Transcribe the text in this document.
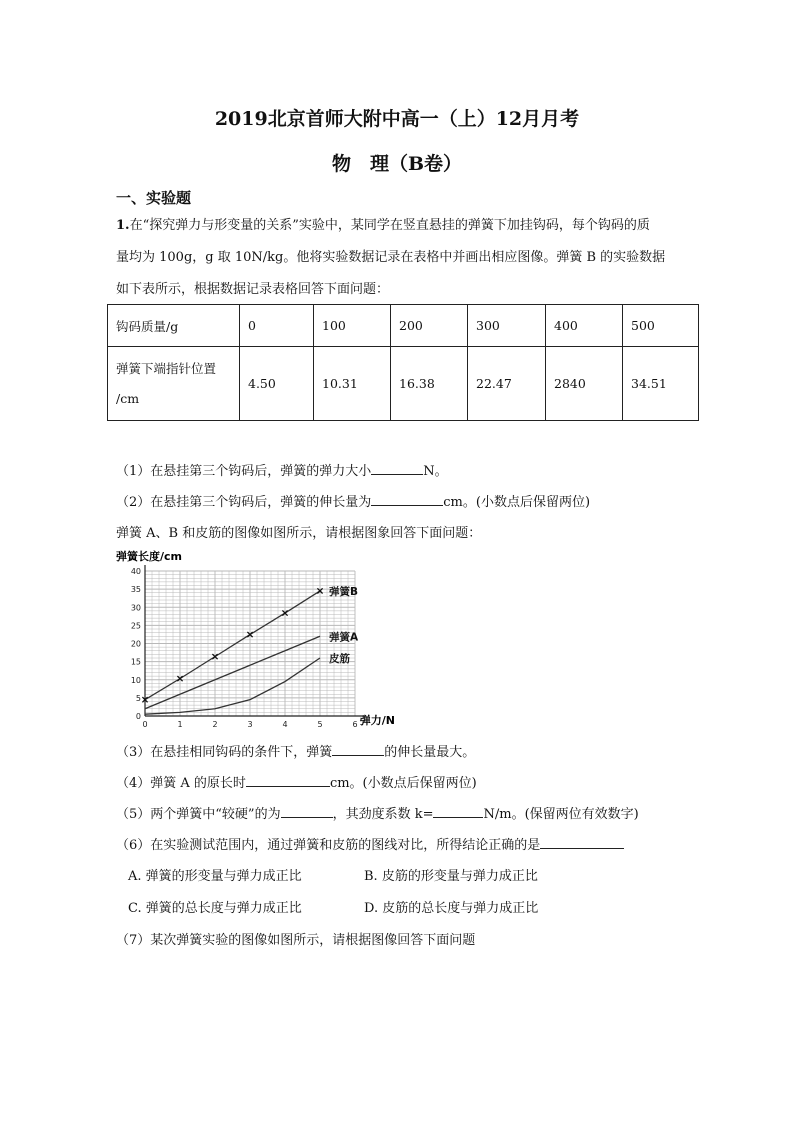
2019北京首师大附中高一（上）12月月考
物　理（B卷）
一、实验题
1.在“探究弹力与形变量的关系”实验中，某同学在竖直悬挂的弹簧下加挂钩码，每个钩码的质
量均为 100g，g 取 10N/kg。他将实验数据记录在表格中并画出相应图像。弹簧 B 的实验数据
如下表所示，根据数据记录表格回答下面问题：
钩码质量/g	0	100	200	300	400	500

弹簧下端指针位置
/cm	4.50	10.31	16.38	22.47	2840	34.51
（1）在悬挂第三个钩码后，弹簧的弹力大小	N。
（2）在悬挂第三个钩码后，弹簧的伸长量为	cm。(小数点后保留两位)
弹簧 A、B 和皮筋的图像如图所示，请根据图象回答下面问题：
弹簧长度/cm
弹力/N
0	1	2	3	4	5	6
0
5
10
15
20
25
30
35
40
弹簧B
弹簧A
皮筋
（3）在悬挂相同钩码的条件下，弹簧	的伸长量最大。
（4）弹簧 A 的原长时	cm。(小数点后保留两位)
（5）两个弹簧中“较硬”的为	，其劲度系数 k=	N/m。(保留两位有效数字)
（6）在实验测试范围内，通过弹簧和皮筋的图线对比，所得结论正确的是
A. 弹簧的形变量与弹力成正比	B. 皮筋的形变量与弹力成正比
C. 弹簧的总长度与弹力成正比	D. 皮筋的总长度与弹力成正比
（7）某次弹簧实验的图像如图所示，请根据图像回答下面问题
